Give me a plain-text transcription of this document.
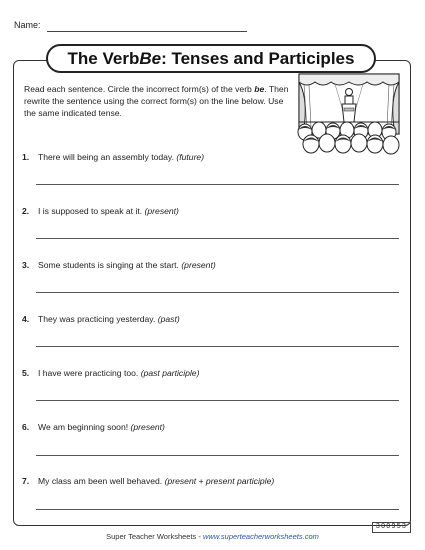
Name:
The Verb Be : Tenses and Participles
Read each sentence. Circle the incorrect form(s) of the verb be. Then rewrite the sentence using the correct form(s) on the line below. Use the same indicated tense.
1. There will being an assembly today. (future)
2. I is supposed to speak at it. (present)
3. Some students is singing at the start. (present)
4. They was practicing yesterday. (past)
5. I have were practicing too. (past participle)
6. We am beginning soon! (present)
7. My class am been well behaved. (present + present participle)
300953
Super Teacher Worksheets - www.superteacherworksheets.com
